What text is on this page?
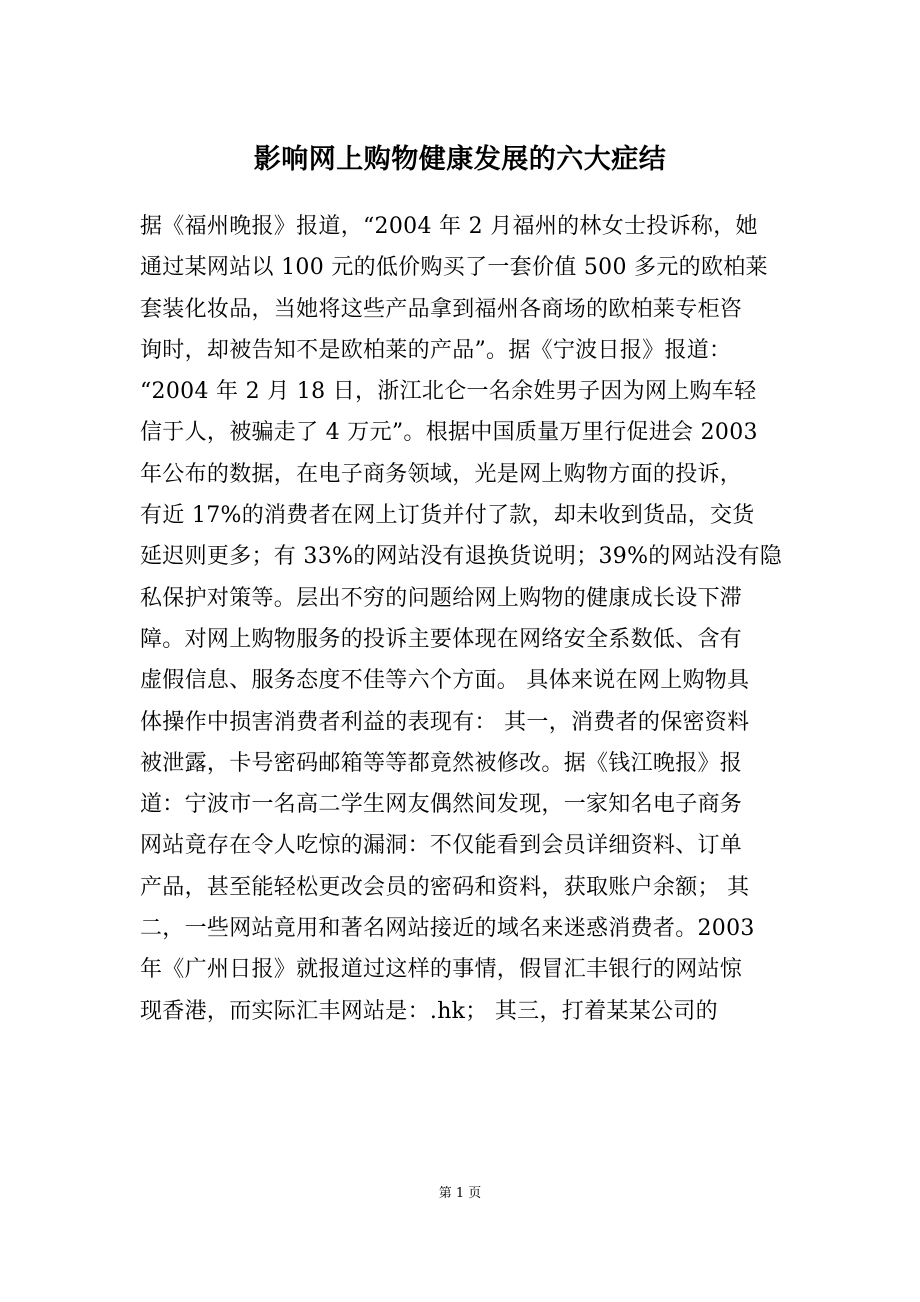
影响网上购物健康发展的六大症结
据《福州晚报》报道，“2004 年 2 月福州的林女士投诉称，她
通过某网站以 100 元的低价购买了一套价值 500 多元的欧柏莱
套装化妆品，当她将这些产品拿到福州各商场的欧柏莱专柜咨
询时，却被告知不是欧柏莱的产品”。据《宁波日报》报道：
“2004 年 2 月 18 日，浙江北仑一名余姓男子因为网上购车轻
信于人，被骗走了 4 万元”。根据中国质量万里行促进会 2003
年公布的数据，在电子商务领域，光是网上购物方面的投诉，
有近 17%的消费者在网上订货并付了款，却未收到货品，交货
延迟则更多；有 33%的网站没有退换货说明；39%的网站没有隐
私保护对策等。层出不穷的问题给网上购物的健康成长设下滞
障。对网上购物服务的投诉主要体现在网络安全系数低、含有
虚假信息、服务态度不佳等六个方面。 具体来说在网上购物具
体操作中损害消费者利益的表现有： 其一，消费者的保密资料
被泄露，卡号密码邮箱等等都竟然被修改。据《钱江晚报》报
道：宁波市一名高二学生网友偶然间发现，一家知名电子商务
网站竟存在令人吃惊的漏洞：不仅能看到会员详细资料、订单
产品，甚至能轻松更改会员的密码和资料，获取账户余额； 其
二，一些网站竟用和著名网站接近的域名来迷惑消费者。2003
年《广州日报》就报道过这样的事情，假冒汇丰银行的网站惊
现香港，而实际汇丰网站是：.hk； 其三，打着某某公司的
第 1 页
